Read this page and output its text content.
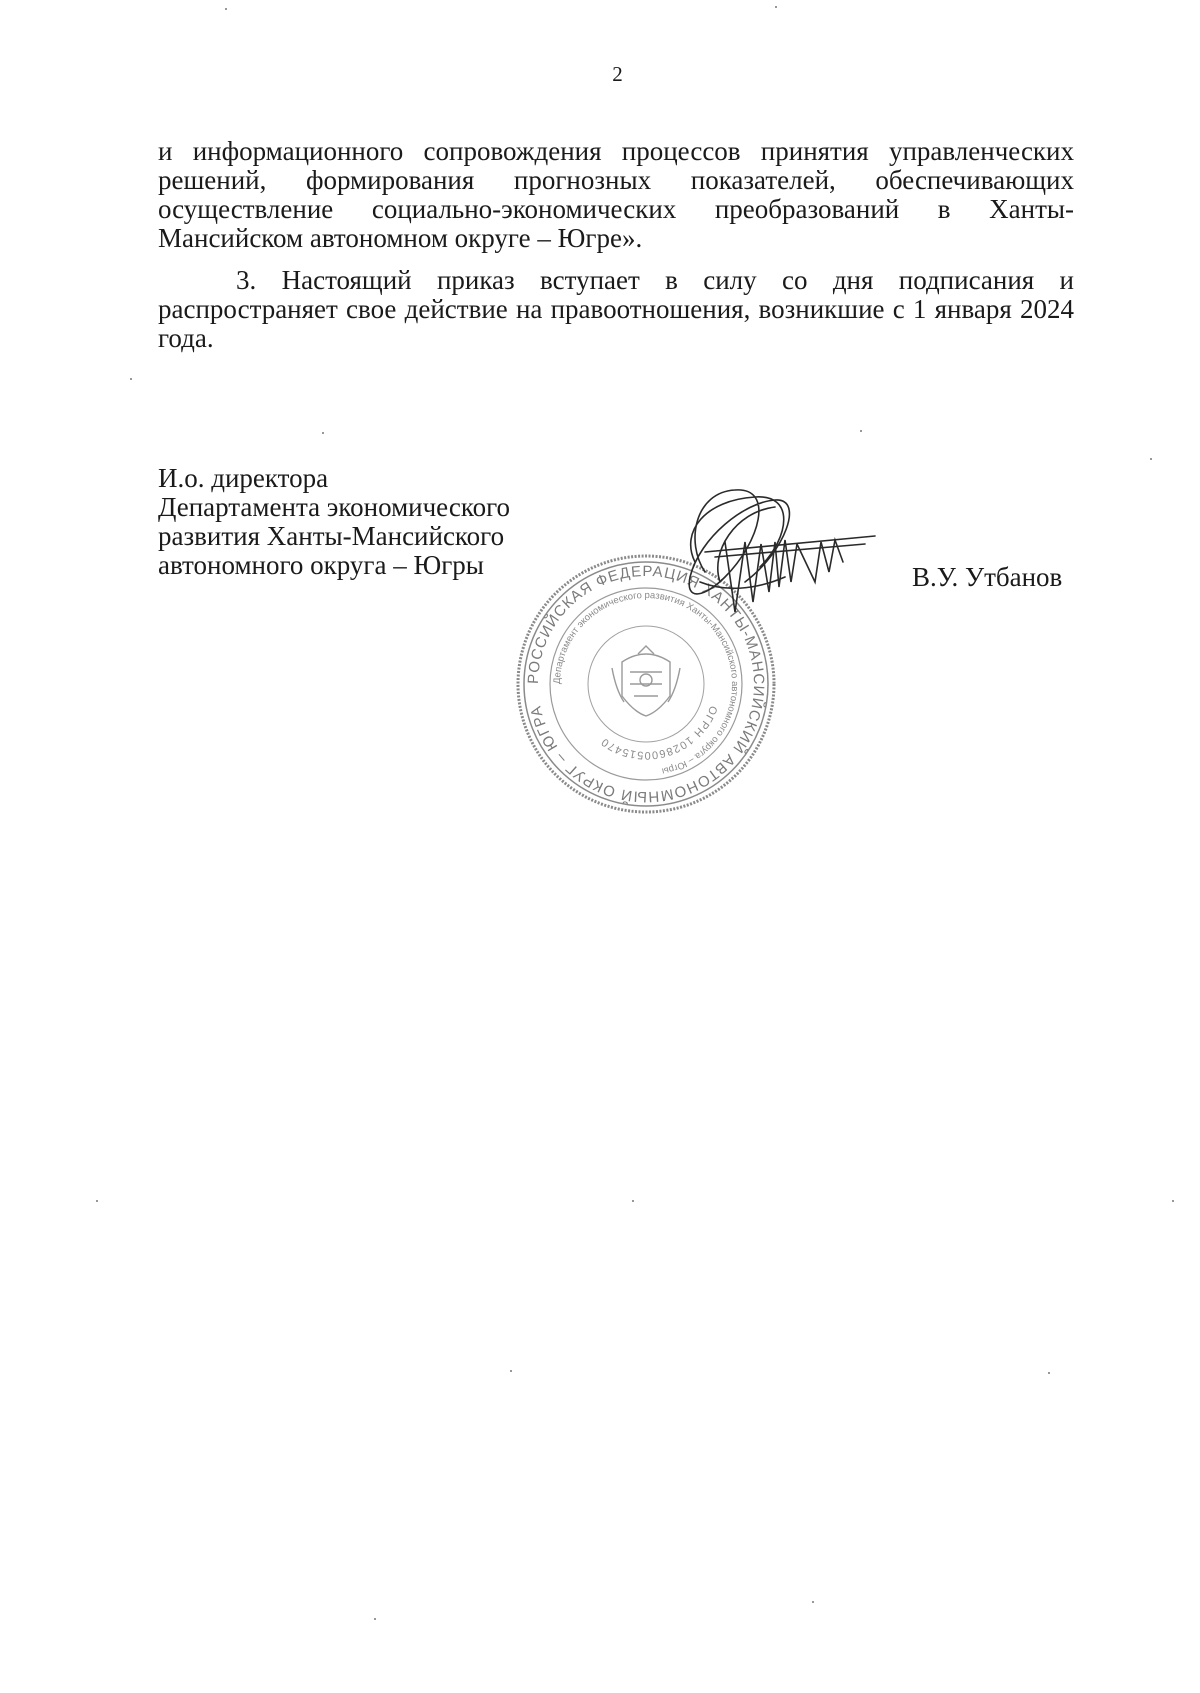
2
и информационного сопровождения процессов принятия управленческих решений, формирования прогнозных показателей, обеспечивающих осуществление социально-экономических преобразований в Ханты-Мансийском автономном округе – Югре».
3. Настоящий приказ вступает в силу со дня подписания и распространяет свое действие на правоотношения, возникшие с 1 января 2024 года.
И.о. директора
Департамента экономического
развития Ханты-Мансийского
автономного округа – Югры	В.У. Утбанов
РОССИЙСКАЯ ФЕДЕРАЦИЯ ХАНТЫ-МАНСИЙСКИЙ АВТОНОМНЫЙ ОКРУГ – ЮГРА
Департамент экономического развития Ханты-Мансийского автономного округа – Югры
ОГРН 1028600515470
